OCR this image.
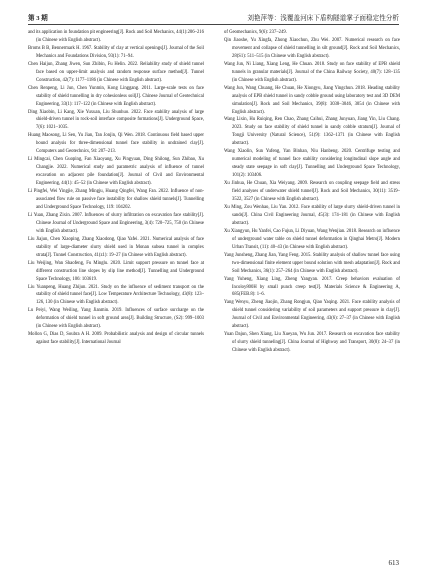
第 3 期	刘艳萍等：浅覆盖河床下盾构隧道掌子面稳定性分析

and its application in foundation pit engineering[J]. Rock and Soil Mechanics, 44(1):206–216 (in Chinese with English abstract).

Broms B B, Bennermark H. 1967. Stability of clay at vertical openings[J]. Journal of the Soil Mechanics and Foundations Division, 93(1): 71–94.

Chen Haijun, Zhang Jiwen, Sun Zhibin, Fu Helin. 2022. Reliability study of shield tunnel face based on upper-limit analysis and random response surface method[J]. Tunnel Construction, 42(7): 1177–1186 (in Chinese with English abstract).

Chen Renpeng, Li Jun, Chen Yunmin, Kong Linggang. 2011. Large-scale tests on face stability of shield tunnelling in dry cohesionless soil[J]. Chinese Journal of Geotechnical Engineering, 33(1): 117–122 (in Chinese with English abstract).

Ding Xiaobin, Li Kang, Xie Yuxuan, Liu Shunhuo. 2022. Face stability analysis of large shield-driven tunnel in rock-soil interface composite formations[J]. Underground Space, 7(6): 1021–1035.

Huang Maosong, Li Sen, Yu Jian, Tan Jonjin, Qi Wen. 2018. Continuous field based upper bound analysis for three-dimensional tunnel face stability in undrained clay[J]. Computers and Geotechnics, 94: 207–213.

Li Mingcai, Chen Guoping, Fan Xiaoyang, Xu Pingyuan, Ding Shilong, Sun Zhibao, Xu Changjie. 2022. Numerical study and parametric analysis of influence of tunnel excavation on adjacent pile foundation[J]. Journal of Civil and Environmental Engineering, 44(1): 45–52 (in Chinese with English abstract).

Li Pingfei, Wei Yingjie, Zhang Mingju, Huang Qingfei, Wang Fan. 2022. Influence of non-associated flow rule on passive face instability for shallow shield tunnels[J]. Tunnelling and Underground Space Technology, 119: 104202.

Li Yuan, Zhang Zixin. 2007. Influences of slurry infiltration on excavation face stability[J]. Chinese Journal of Underground Space and Engineering, 3(4): 720–725, 750 (in Chinese with English abstract).

Liu Jiajun, Chen Xiaoping, Zhang Xiaodong, Qiao Yafei. 2021. Numerical analysis of face stability of large-diameter slurry shield used in Monan subsea tunnel in complex strata[J]. Tunnel Construction, 41(z1): 19–27 (in Chinese with English abstract).

Liu Weijing, Wan Shaofeng, Fu Minglu. 2020. Limit support pressure on tunnel face at different construction line slopes by slip line method[J]. Tunnelling and Underground Space Technology, 106: 103619.

Liu Yuanpeng, Huang Zhijun. 2021. Study on the influence of sediment transport on the stability of shield tunnel face[J]. Low Temperature Architecture Technology, 43(8): 123–126, 130 (in Chinese with English abstract).

Lu Peiyi, Wang Weiling, Yang Jianmin. 2019. Influences of surface surcharge on the deformation of shield tunnel in soft ground area[J]. Building Structure, (S2): 999–1003 (in Chinese with English abstract).

Mollon G, Dias D, Soubra A H. 2009. Probabilistic analysis and design of circular tunnels against face stability[J]. International Journal

of Geomechanics, 9(6): 237–249.

Qin Jiaoshe, Yu Xingfa, Zhong Xiaochun, Zhu Wei. 2007. Numerical research on face movement and collapse of shield tunnelling in silt ground[J]. Rock and Soil Mechanics, 28(S1): 511–515 (in Chinese with English abstract).

Wang Jun, Ni Liang, Xiang Leng, He Chuan. 2018. Study on face stability of EPB shield tunnels in granular materials[J]. Journal of the China Railway Society, 40(7): 128–135 (in Chinese with English abstract).

Wang Jun, Wang Chuang, He Chuan, He Xiongyu, Jiang Yingchun. 2018. Heading stability analysis of EPB shield tunnel in sandy cobble ground using laboratory test and 3D DEM simulation[J]. Rock and Soil Mechanics, 39(8): 3038–3046, 3054 (in Chinese with English abstract).

Wang Lixin, Hu Ruiqing, Ren Chao, Zhang Caihui, Zhang Junyuan, Jiang Yin, Liu Chang. 2023. Study on face stability of shield tunnel in sandy cobble stratum[J]. Journal of Tongji University (Natural Science), 51(9): 1362–1371 (in Chinese with English abstract).

Wang Xiaolin, Sun Yufeng, Yan Binhan, Niu Hanbeng. 2020. Centrifuge testing and numerical modeling of tunnel face stability considering longitudinal slope angle and steady state seepage in soft clay[J]. Tunnelling and Underground Space Technology, 101(2): 103406.

Xu Jinhua, He Chuan, Xia Weiyang. 2009. Research on coupling seepage field and stress field analyses of underwater shield tunnel[J]. Rock and Soil Mechanics, 30(11): 3519–3522, 3527 (in Chinese with English abstract).

Xu Ming, Zou Wenhao, Liu Yan. 2012. Face stability of large slurry shield-driven tunnel in sands[J]. China Civil Engineering Journal, 45(3): 174–181 (in Chinese with English abstract).

Xu Xiangyun, Hu Yanfei, Cao Fujun, Li Diyuan, Wang Wenjian. 2018. Research on influence of underground water table on shield tunnel deformation in Qinghai Metro[J]. Modern Urban Transit, (11): 40–43 (in Chinese with English abstract).

Yang Junsheng, Zhang Jian, Yang Feng. 2015. Stability analysis of shallow tunnel face using two-dimensional finite element upper bound solution with mesh adaptation[J]. Rock and Soil Mechanics, 36(1): 257–264 (in Chinese with English abstract).

Yang Yuheng, Xiang Ling, Zheng Yangyan. 2017. Creep behaviors evaluation of Incoloy800H by small punch creep test[J]. Materials Science & Engineering A, 685(FEB.8): 1–6.

Yang Wenyu, Zheng Jiaojin, Zhang Rongjun, Qiao Yaqing. 2021. Face stability analysis of shield tunnel considering variability of soil parameters and support pressure in clay[J]. Journal of Civil and Environmental Engineering, 43(6): 27–37 (in Chinese with English abstract).

Yuan Dajun, Shen Xiang, Liu Xueyan, Wu Jun. 2017. Research on excavation face stability of slurry shield tunneling[J]. China Journal of Highway and Transport, 30(8): 24–37 (in Chinese with English abstract).

613
